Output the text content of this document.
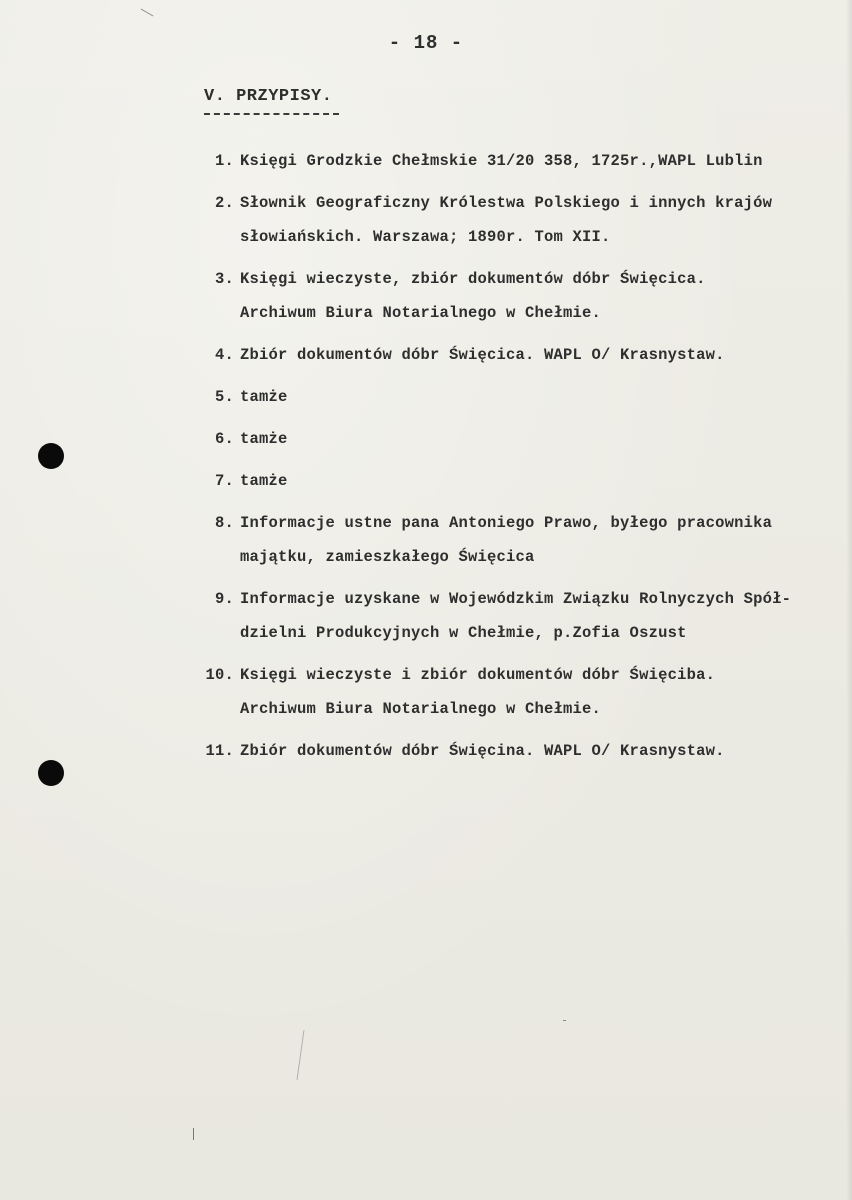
- 18 -
V. PRZYPISY.
1. Księgi Grodzkie Chełmskie 31/20 358, 1725r.,WAPL Lublin
2. Słownik Geograficzny Królestwa Polskiego i innych krajów
słowiańskich. Warszawa; 1890r. Tom XII.
3. Księgi wieczyste, zbiór dokumentów dóbr Święcica.
Archiwum Biura Notarialnego w Chełmie.
4. Zbiór dokumentów dóbr Święcica. WAPL O/ Krasnystaw.
5. tamże
6. tamże
7. tamże
8. Informacje ustne pana Antoniego Prawo, byłego pracownika
majątku, zamieszkałego Święcica
9. Informacje uzyskane w Wojewódzkim Związku Rolnyczych Spół-
dzielni Produkcyjnych w Chełmie, p.Zofia Oszust
10. Księgi wieczyste i zbiór dokumentów dóbr Święciba.
Archiwum Biura Notarialnego w Chełmie.
11. Zbiór dokumentów dóbr Święcina. WAPL O/ Krasnystaw.
